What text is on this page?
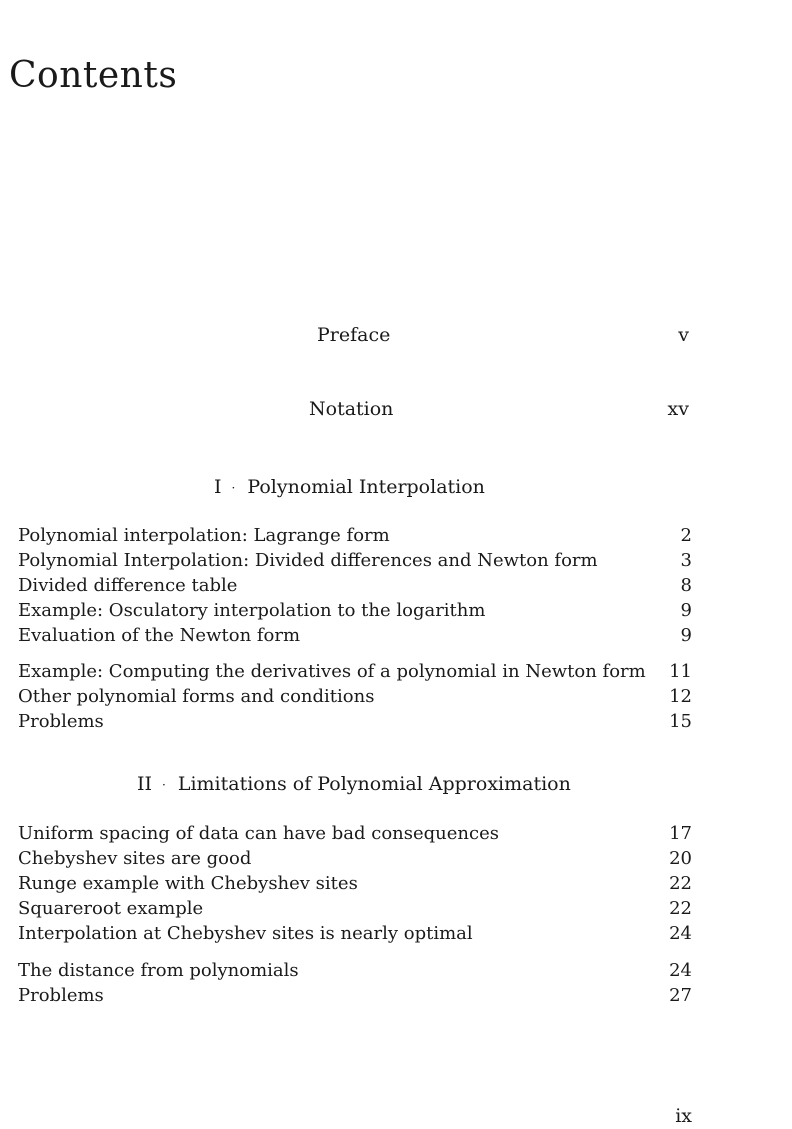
Contents
Preface	v
Notation	xv
I · Polynomial Interpolation
Polynomial interpolation: Lagrange form	2
Polynomial Interpolation: Divided differences and Newton form	3
Divided difference table	8
Example: Osculatory interpolation to the logarithm	9
Evaluation of the Newton form	9
Example: Computing the derivatives of a polynomial in Newton form 11
Other polynomial forms and conditions	12
Problems	15
II · Limitations of Polynomial Approximation
Uniform spacing of data can have bad consequences	17
Chebyshev sites are good	20
Runge example with Chebyshev sites	22
Squareroot example	22
Interpolation at Chebyshev sites is nearly optimal	24
The distance from polynomials	24
Problems	27
ix
